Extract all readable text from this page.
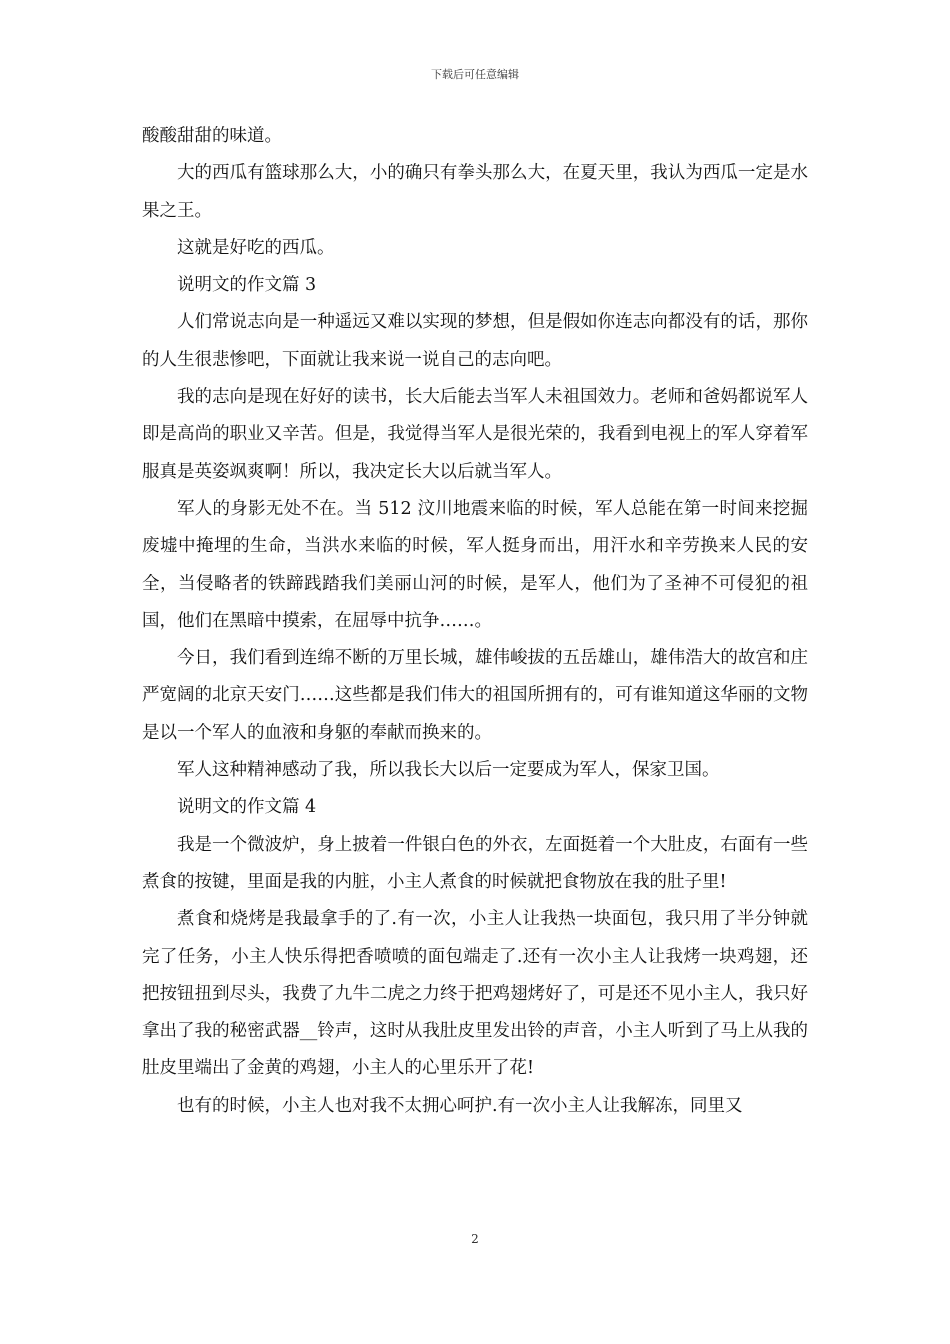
下载后可任意编辑

酸酸甜甜的味道。

大的西瓜有篮球那么大，小的确只有拳头那么大，在夏天里，我认为西瓜一定是水果之王。

这就是好吃的西瓜。

说明文的作文篇 3

人们常说志向是一种遥远又难以实现的梦想，但是假如你连志向都没有的话，那你的人生很悲惨吧，下面就让我来说一说自己的志向吧。

我的志向是现在好好的读书，长大后能去当军人未祖国效力。老师和爸妈都说军人即是高尚的职业又辛苦。但是，我觉得当军人是很光荣的，我看到电视上的军人穿着军服真是英姿飒爽啊！所以，我决定长大以后就当军人。

军人的身影无处不在。当 512 汶川地震来临的时候，军人总能在第一时间来挖掘废墟中掩埋的生命，当洪水来临的时候，军人挺身而出，用汗水和辛劳换来人民的安全，当侵略者的铁蹄践踏我们美丽山河的时候，是军人，他们为了圣神不可侵犯的祖国，他们在黑暗中摸索，在屈辱中抗争……。

今日，我们看到连绵不断的万里长城，雄伟峻拔的五岳雄山，雄伟浩大的故宫和庄严宽阔的北京天安门……这些都是我们伟大的祖国所拥有的，可有谁知道这华丽的文物是以一个军人的血液和身躯的奉献而换来的。

军人这种精神感动了我，所以我长大以后一定要成为军人，保家卫国。

说明文的作文篇 4

我是一个微波炉，身上披着一件银白色的外衣，左面挺着一个大肚皮，右面有一些煮食的按键，里面是我的内脏，小主人煮食的时候就把食物放在我的肚子里!

煮食和烧烤是我最拿手的了.有一次，小主人让我热一块面包，我只用了半分钟就完了任务，小主人快乐得把香喷喷的面包端走了.还有一次小主人让我烤一块鸡翅，还把按钮扭到尽头，我费了九牛二虎之力终于把鸡翅烤好了，可是还不见小主人，我只好拿出了我的秘密武器__铃声，这时从我肚皮里发出铃的声音，小主人听到了马上从我的肚皮里端出了金黄的鸡翅，小主人的心里乐开了花!

也有的时候，小主人也对我不太拥心呵护.有一次小主人让我解冻，同里又

2
